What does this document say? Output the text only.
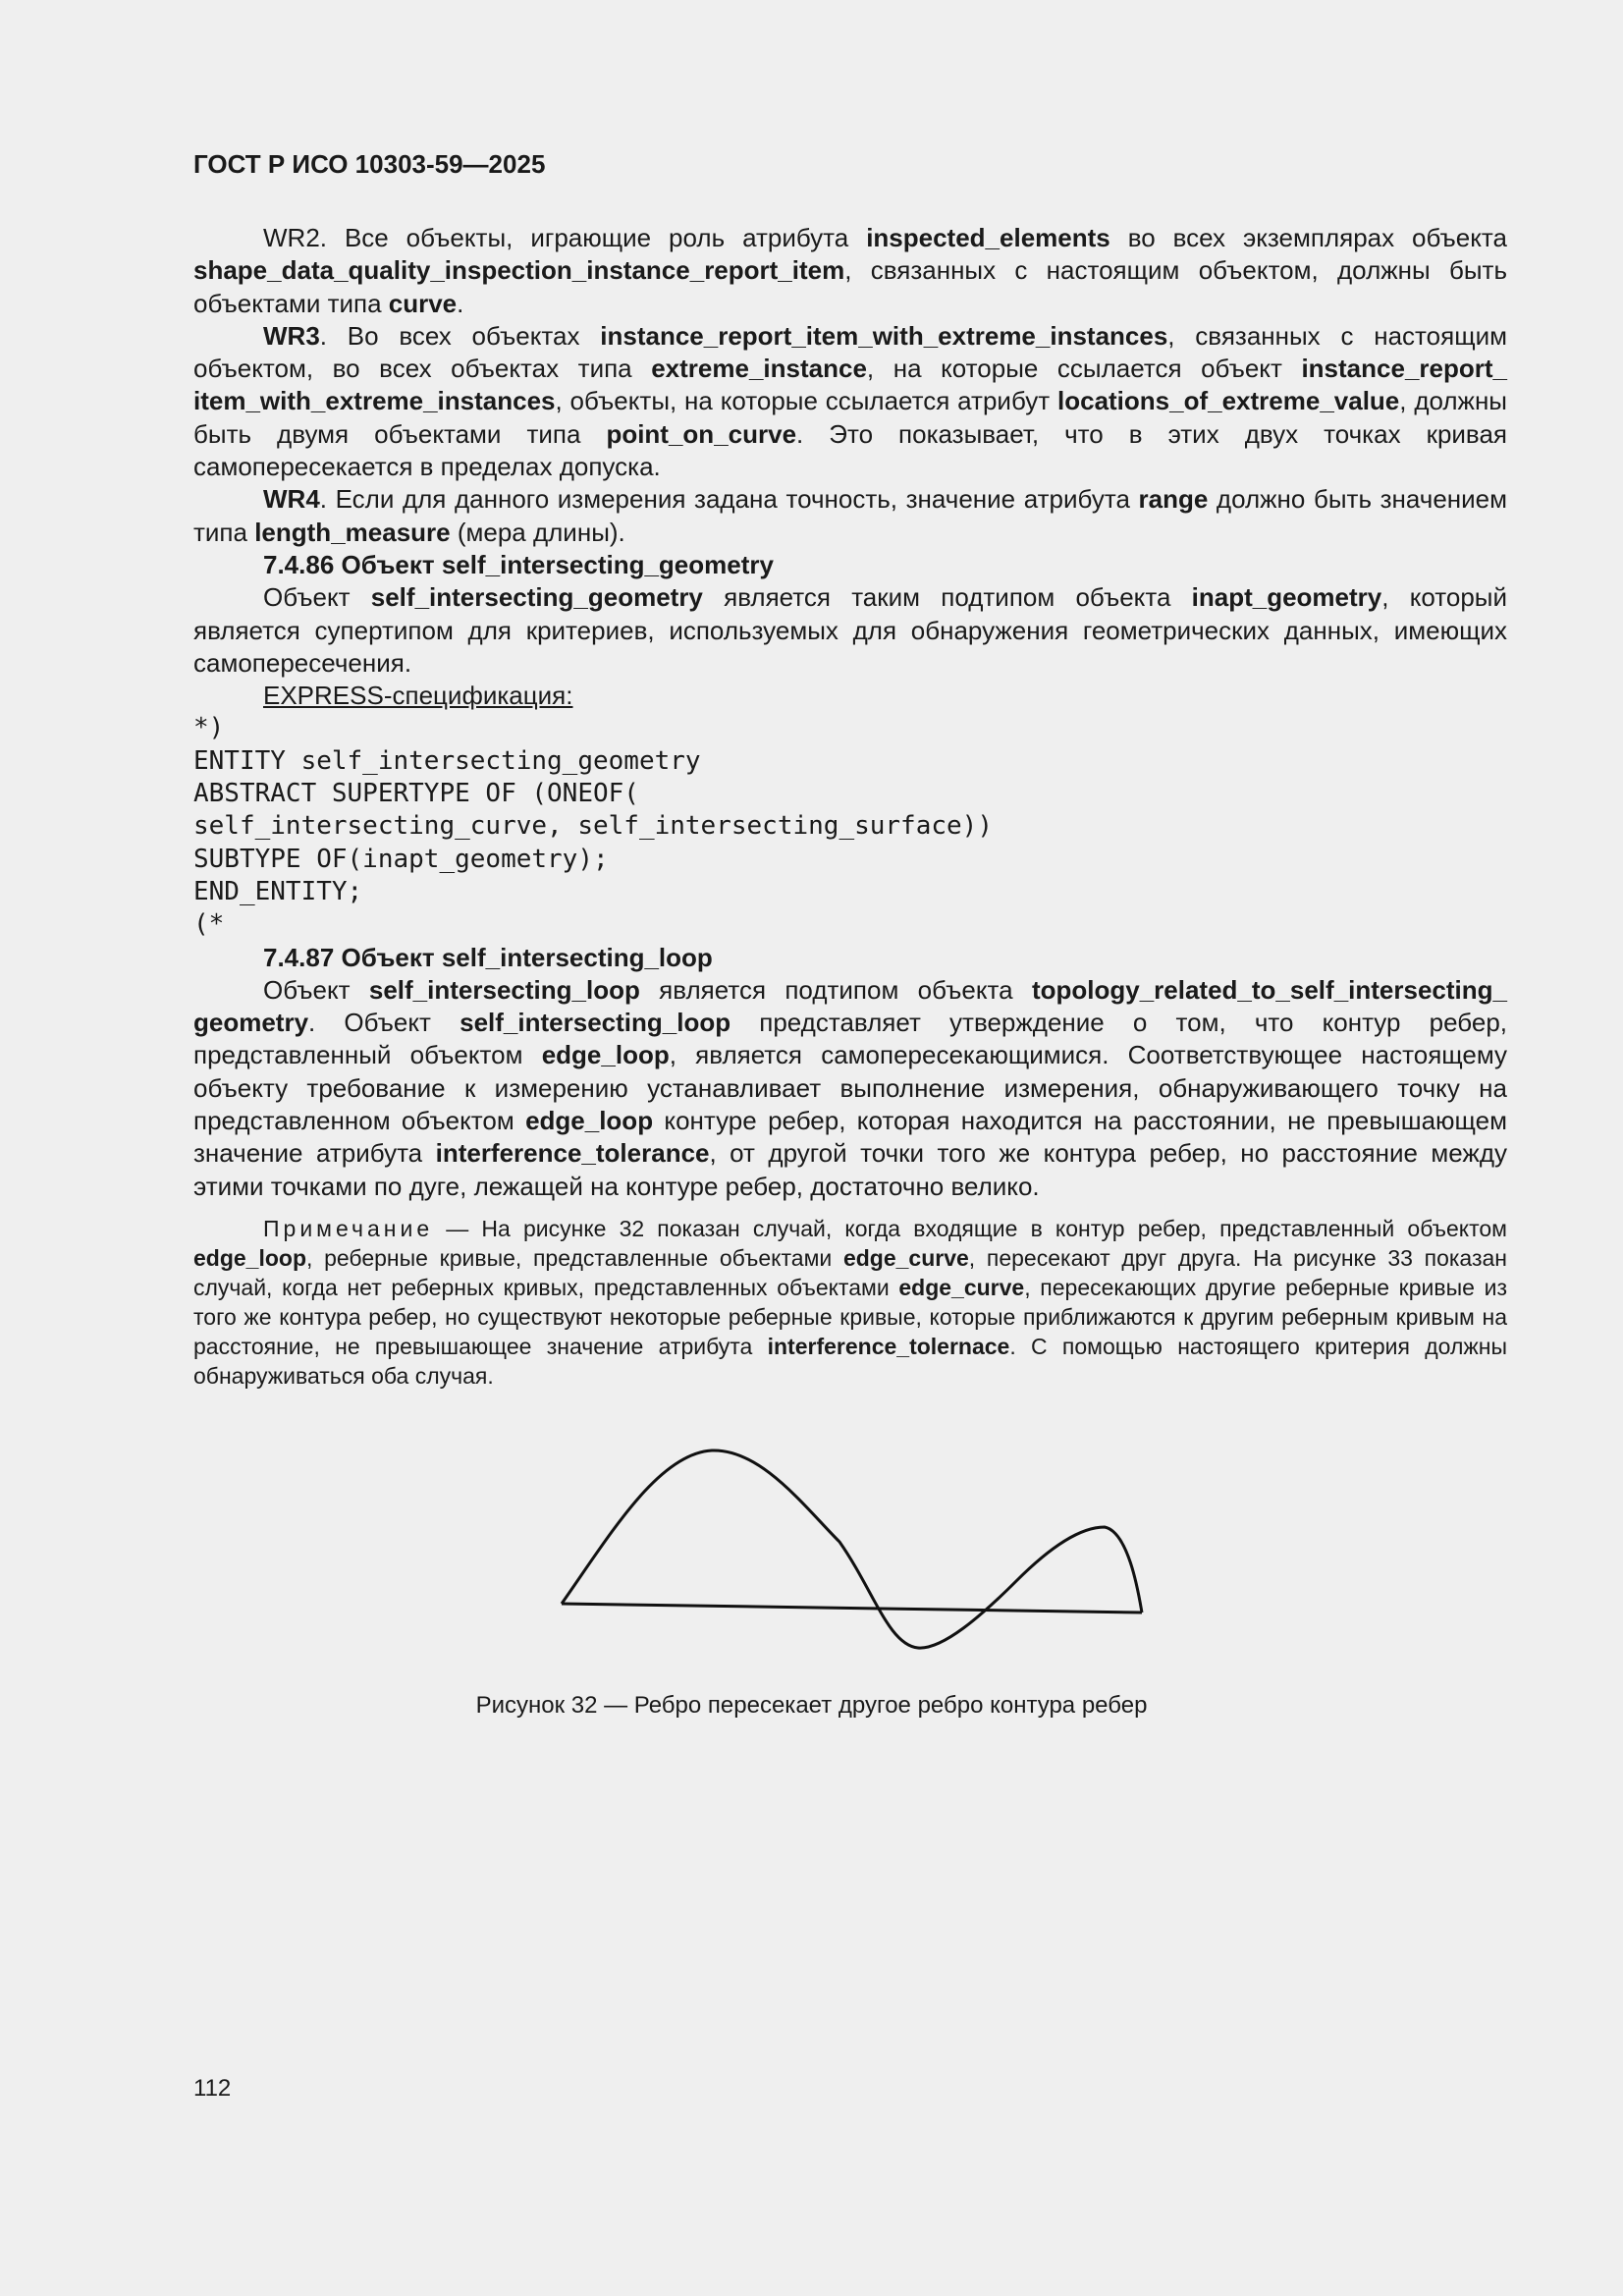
ГОСТ Р ИСО 10303-59—2025

WR2. Все объекты, играющие роль атрибута inspected_elements во всех экземплярах объекта shape_data_quality_inspection_instance_report_item, связанных с настоящим объектом, должны быть объектами типа curve.

WR3. Во всех объектах instance_report_item_with_extreme_instances, связанных с настоящим объектом, во всех объектах типа extreme_instance, на которые ссылается объект instance_report_ item_with_extreme_instances, объекты, на которые ссылается атрибут locations_of_extreme_value, должны быть двумя объектами типа point_on_curve. Это показывает, что в этих двух точках кривая самопересекается в пределах допуска.

WR4. Если для данного измерения задана точность, значение атрибута range должно быть значением типа length_measure (мера длины).

7.4.86 Объект self_intersecting_geometry

Объект self_intersecting_geometry является таким подтипом объекта inapt_geometry, который является супертипом для критериев, используемых для обнаружения геометрических данных, имеющих самопересечения.

EXPRESS-спецификация:

*)

ENTITY self_intersecting_geometry

ABSTRACT SUPERTYPE OF (ONEOF(

self_intersecting_curve, self_intersecting_surface))

SUBTYPE OF(inapt_geometry);

END_ENTITY;

(*

7.4.87 Объект self_intersecting_loop

Объект self_intersecting_loop является подтипом объекта topology_related_to_self_intersecting_ geometry. Объект self_intersecting_loop представляет утверждение о том, что контур ребер, представленный объектом edge_loop, является самопересекающимися. Соответствующее настоящему объекту требование к измерению устанавливает выполнение измерения, обнаруживающего точку на представленном объектом edge_loop контуре ребер, которая находится на расстоянии, не превышающем значение атрибута interference_tolerance, от другой точки того же контура ребер, но расстояние между этими точками по дуге, лежащей на контуре ребер, достаточно велико.

Примечание — На рисунке 32 показан случай, когда входящие в контур ребер, представленный объектом edge_loop, реберные кривые, представленные объектами edge_curve, пересекают друг друга. На рисунке 33 показан случай, когда нет реберных кривых, представленных объектами edge_curve, пересекающих другие реберные кривые из того же контура ребер, но существуют некоторые реберные кривые, которые приближаются к другим реберным кривым на расстояние, не превышающее значение атрибута interference_tolernace. С помощью настоящего критерия должны обнаруживаться оба случая.

Рисунок 32 — Ребро пересекает другое ребро контура ребер

112
